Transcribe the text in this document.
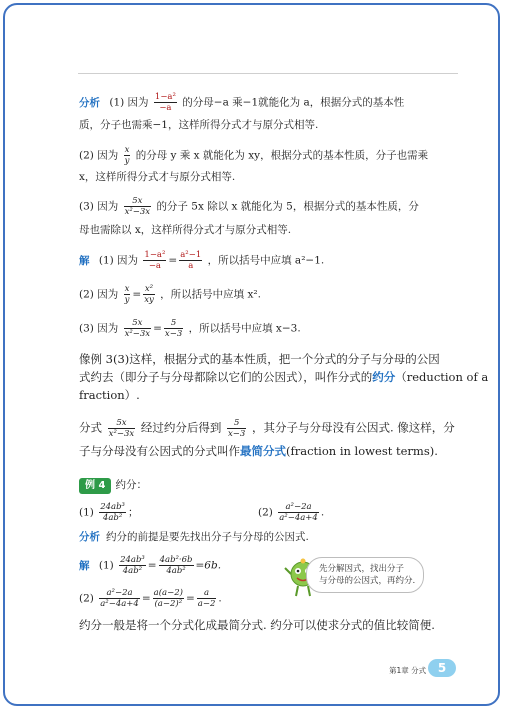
分析 (1) 因为 $\frac{\text{1−a²}}{-a}$ 的分母−a 乘−1就能化为 a，根据分式的基本性
质，分子也需乘−1，这样所得分式才与原分式相等.
(2) 因为 $\frac{x}{y}$ 的分母 y 乘 x 就能化为 xy，根据分式的基本性质，分子也需乘
x，这样所得分式才与原分式相等.
(3) 因为 $\frac{5x}{\text{x²−3x}}$ 的分子 5x 除以 x 就能化为 5，根据分式的基本性质，分
母也需除以 x，这样所得分式才与原分式相等.
解 (1) 因为 $\frac{\text{1−a²}}{-a} = \frac{\text{a²−1}}{a}$ ，所以括号中应填 a²−1.
(2) 因为 $\frac{x}{y} = \frac{\text{x²}}{xy}$ ，所以括号中应填 x².
(3) 因为 $\frac{5x}{\text{x²−3x}} = \frac{5}{x-3}$ ，所以括号中应填 x−3.
像例 3(3)这样，根据分式的基本性质，把一个分式的分子与分母的公因
式约去（即分子与分母都除以它们的公因式），叫作分式的约分（reduction of a
fraction）.
分式 $\frac{5x}{\text{x²−3x}}$ 经过约分后得到 $\frac{5}{x-3}$ ，其分子与分母没有公因式. 像这样，分
子与分母没有公因式的分式叫作最简分式(fraction in lowest terms).
例 4 约分：
$(1) \frac{\text{24ab³}}{\text{4ab²}}$ ；	$(2) \frac{\text{a²−2a}}{\text{a²−4a+4}}$ .
分析 约分的前提是要先找出分子与分母的公因式.
解 $(1) \frac{\text{24ab³}}{\text{4ab²}} = \frac{\text{4ab²·6b}}{\text{4ab²}} =6b$.
$(2) \frac{\text{a²−2a}}{\text{a²−4a+4}} = \frac{a(a-2)}{\text{(a−2)²}} = \frac{a}{a-2}$ .
先分解因式，找出分子
与分母的公因式，再约分.
约分一般是将一个分式化成最简分式. 约分可以使求分式的值比较简便.
第1章 分式 5
